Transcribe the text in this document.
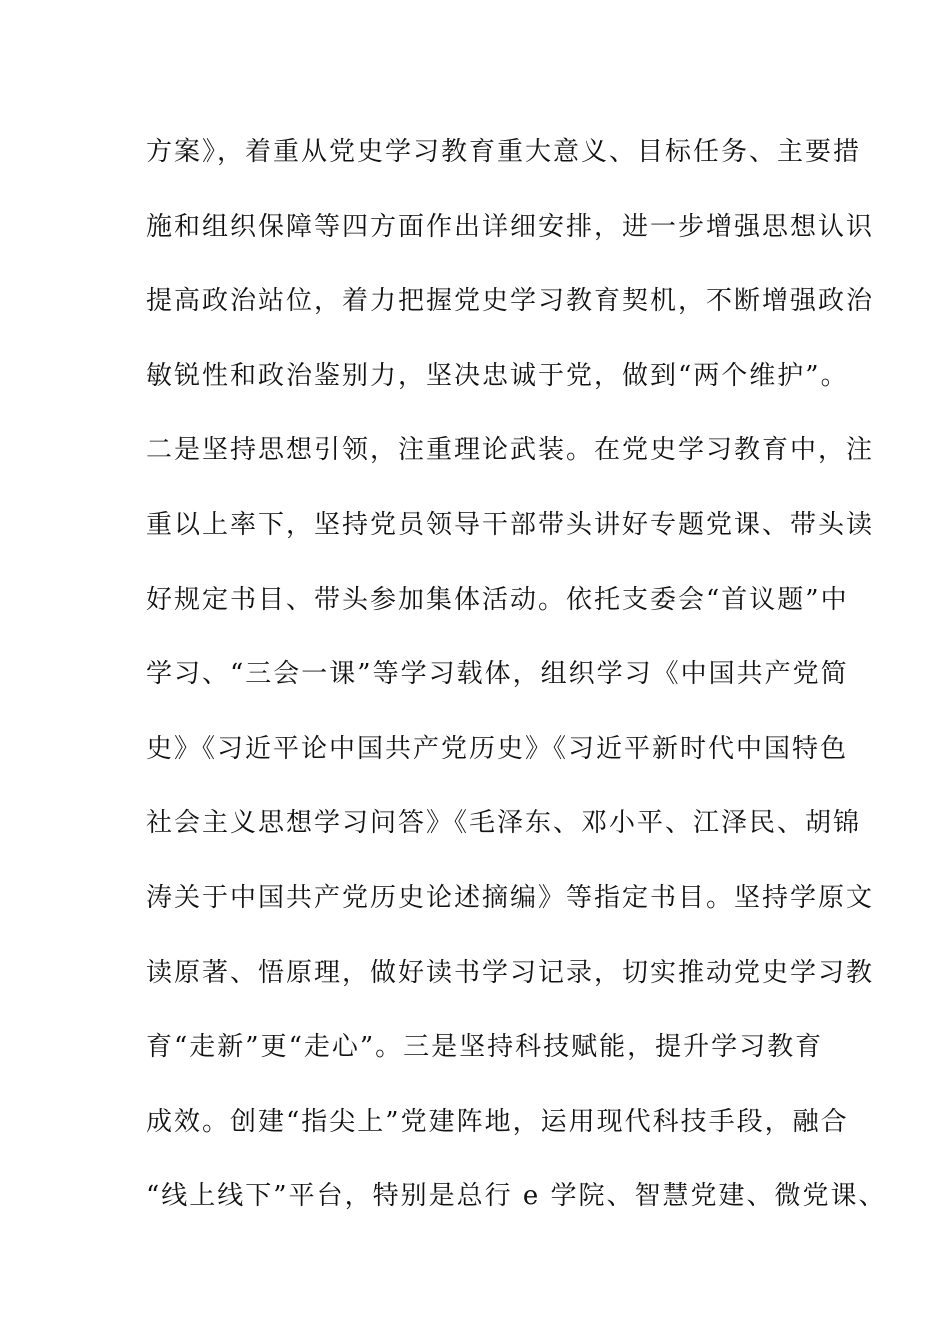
方案》，着重从党史学习教育重大意义、目标任务、主要措
施和组织保障等四方面作出详细安排，进一步增强思想认识
提高政治站位，着力把握党史学习教育契机，不断增强政治
敏锐性和政治鉴别力，坚决忠诚于党，做到“两个维护”。
二是坚持思想引领，注重理论武装。在党史学习教育中，注
重以上率下，坚持党员领导干部带头讲好专题党课、带头读
好规定书目、带头参加集体活动。依托支委会“首议题”中
学习、“三会一课”等学习载体，组织学习《中国共产党简
史》《习近平论中国共产党历史》《习近平新时代中国特色
社会主义思想学习问答》《毛泽东、邓小平、江泽民、胡锦
涛关于中国共产党历史论述摘编》等指定书目。坚持学原文
读原著、悟原理，做好读书学习记录，切实推动党史学习教
育“走新”更“走心”。三是坚持科技赋能，提升学习教育
成效。创建“指尖上”党建阵地，运用现代科技手段，融合
“线上线下”平台，特别是总行 e 学院、智慧党建、微党课、
